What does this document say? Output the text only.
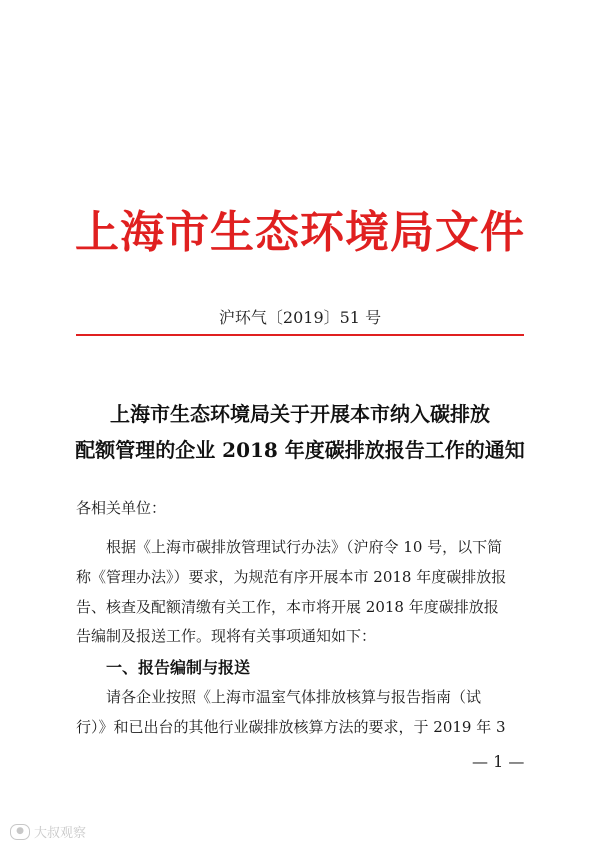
上海市生态环境局文件
沪环气〔2019〕51 号
上海市生态环境局关于开展本市纳入碳排放
配额管理的企业 2018 年度碳排放报告工作的通知
各相关单位：
根据《上海市碳排放管理试行办法》（沪府令 10 号，以下简
称《管理办法》）要求，为规范有序开展本市 2018 年度碳排放报
告、核查及配额清缴有关工作，本市将开展 2018 年度碳排放报
告编制及报送工作。现将有关事项通知如下：
一、报告编制与报送
请各企业按照《上海市温室气体排放核算与报告指南（试
行）》和已出台的其他行业碳排放核算方法的要求，于 2019 年 3
— 1 —
● 大叔观察
